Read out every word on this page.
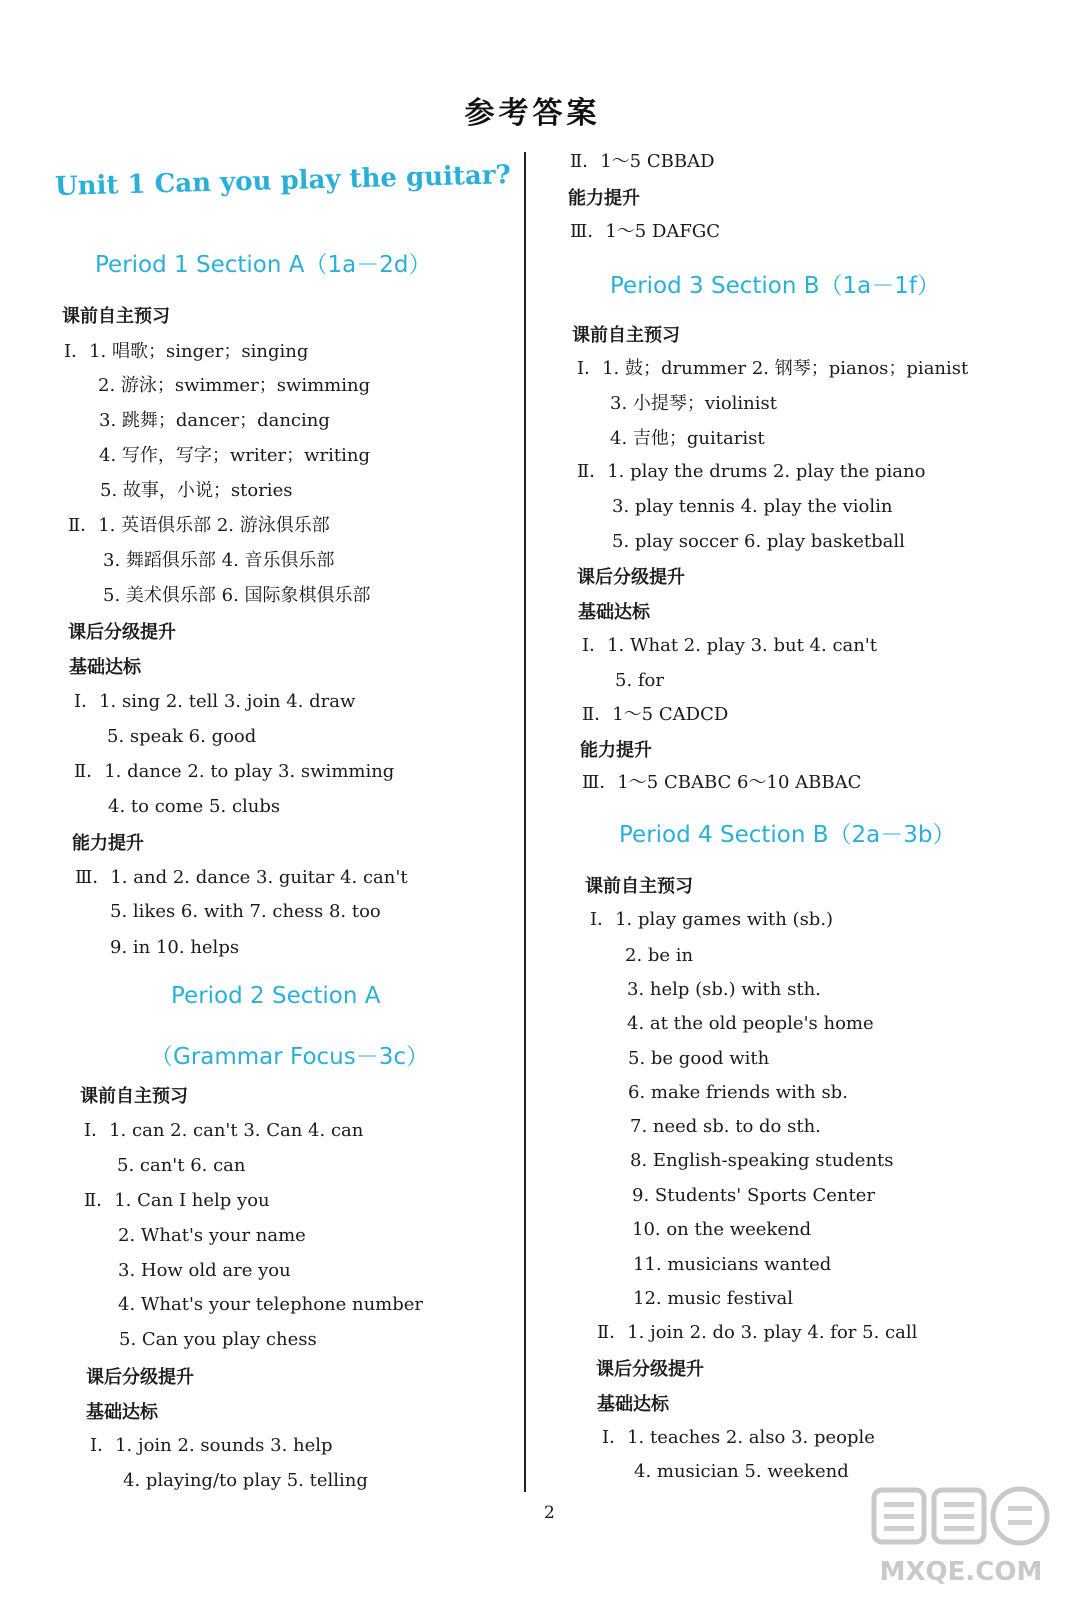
参考答案
Unit 1 Can you play the guitar?
Period 1 Section A（1a－2d）
课前自主预习
Ⅰ．1. 唱歌；singer；singing
2. 游泳；swimmer；swimming
3. 跳舞；dancer；dancing
4. 写作，写字；writer；writing
5. 故事，小说；stories
Ⅱ．1. 英语俱乐部 2. 游泳俱乐部
3. 舞蹈俱乐部 4. 音乐俱乐部
5. 美术俱乐部 6. 国际象棋俱乐部
课后分级提升
基础达标
Ⅰ．1. sing 2. tell 3. join 4. draw
5. speak 6. good
Ⅱ．1. dance 2. to play 3. swimming
4. to come 5. clubs
能力提升
Ⅲ．1. and 2. dance 3. guitar 4. can't
5. likes 6. with 7. chess 8. too
9. in 10. helps
Period 2 Section A
（Grammar Focus－3c）
课前自主预习
Ⅰ．1. can 2. can't 3. Can 4. can
5. can't 6. can
Ⅱ．1. Can I help you
2. What's your name
3. How old are you
4. What's your telephone number
5. Can you play chess
课后分级提升
基础达标
Ⅰ．1. join 2. sounds 3. help
4. playing/to play 5. telling
Ⅱ．1～5 CBBAD
能力提升
Ⅲ．1～5 DAFGC
Period 3 Section B（1a－1f）
课前自主预习
Ⅰ．1. 鼓；drummer 2. 钢琴；pianos；pianist
3. 小提琴；violinist
4. 吉他；guitarist
Ⅱ．1. play the drums 2. play the piano
3. play tennis 4. play the violin
5. play soccer 6. play basketball
课后分级提升
基础达标
Ⅰ．1. What 2. play 3. but 4. can't
5. for
Ⅱ．1～5 CADCD
能力提升
Ⅲ．1～5 CBABC 6～10 ABBAC
Period 4 Section B（2a－3b）
课前自主预习
Ⅰ．1. play games with (sb.)
2. be in
3. help (sb.) with sth.
4. at the old people's home
5. be good with
6. make friends with sb.
7. need sb. to do sth.
8. English-speaking students
9. Students' Sports Center
10. on the weekend
11. musicians wanted
12. music festival
Ⅱ．1. join 2. do 3. play 4. for 5. call
课后分级提升
基础达标
Ⅰ．1. teaches 2. also 3. people
4. musician 5. weekend
2
MXQE.COM
